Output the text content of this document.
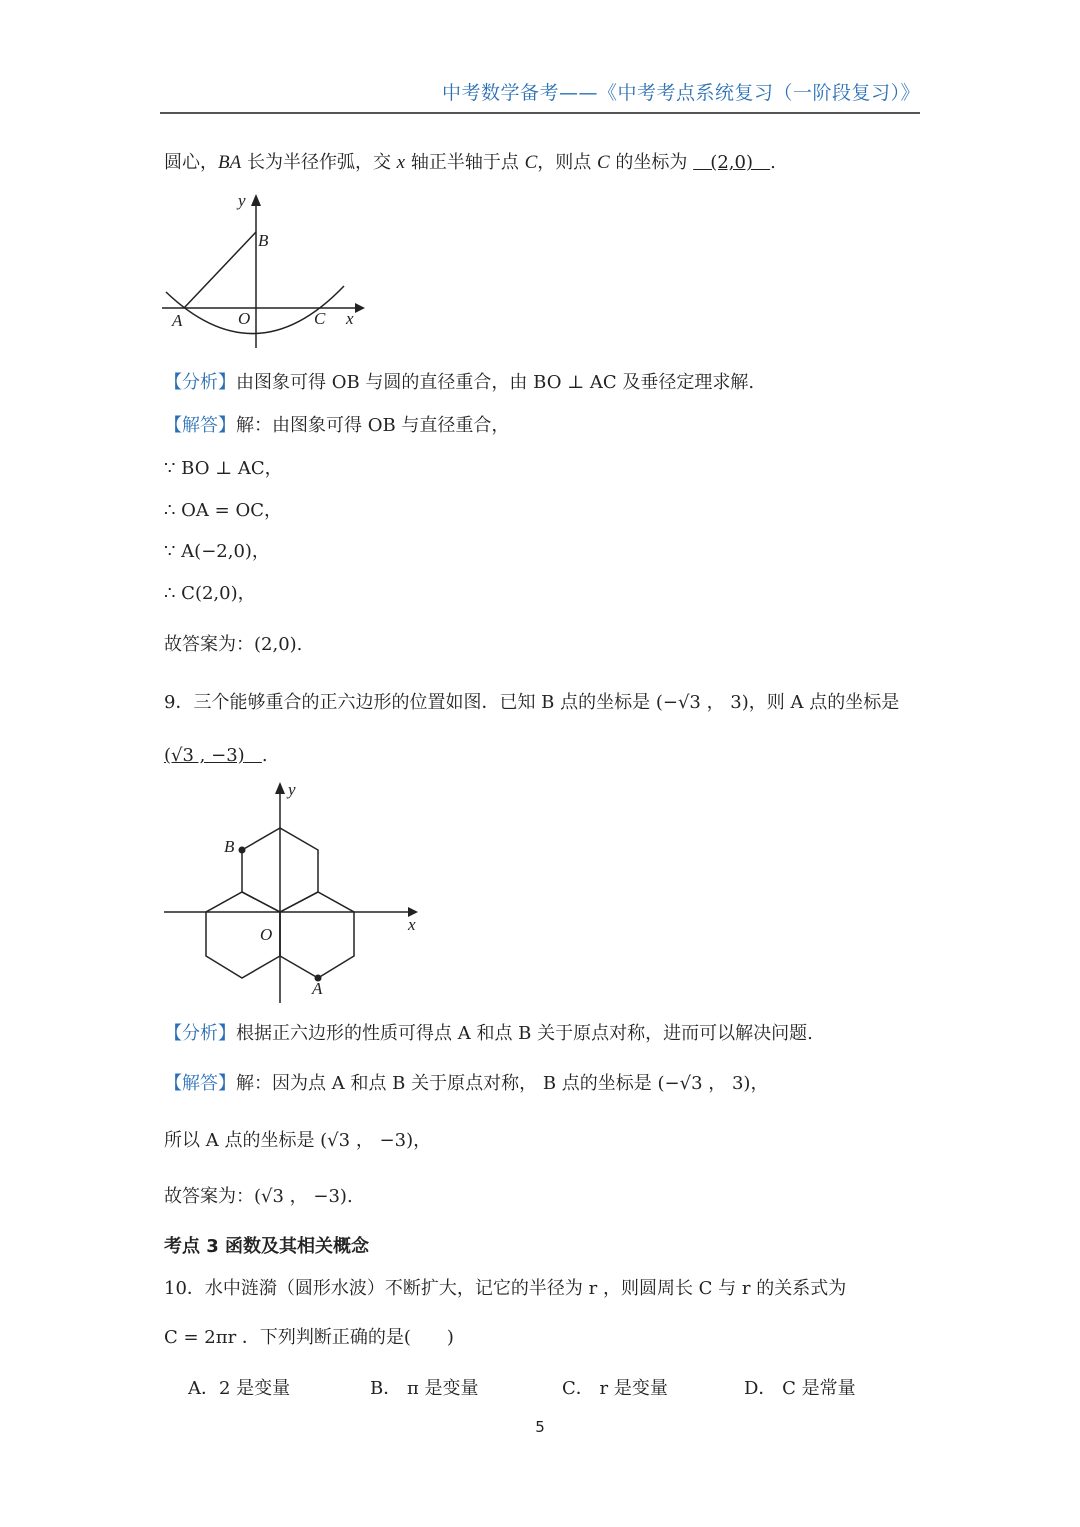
中考数学备考——《中考考点系统复习（一阶段复习）》
圆心，BA 长为半径作弧，交 x 轴正半轴于点 C，则点 C 的坐标为    (2,0) .
y
B
A	O	C x
【分析】由图象可得 OB 与圆的直径重合，由 BO ⊥ AC 及垂径定理求解.
【解答】解：由图象可得 OB 与直径重合，
∵ BO ⊥ AC，
∴ OA = OC，
∵ A(−2,0)，
∴ C(2,0)，
故答案为：(2,0).
9．三个能够重合的正六边形的位置如图．已知 B 点的坐标是 (−√3 ， 3)，则 A 点的坐标是
(√3 , −3) .
y
B
O
A
x
【分析】根据正六边形的性质可得点 A 和点 B 关于原点对称，进而可以解决问题.
【解答】解：因为点 A 和点 B 关于原点对称， B 点的坐标是 (−√3 ， 3)，
所以 A 点的坐标是 (√3 ， −3)，
故答案为：(√3 ， −3).
考点 3 函数及其相关概念
10．水中涟漪（圆形水波）不断扩大，记它的半径为 r ，则圆周长 C 与 r 的关系式为
C = 2πr ．下列判断正确的是(　　)
A．2 是变量	B． π 是变量	C． r 是变量	D． C 是常量
5
